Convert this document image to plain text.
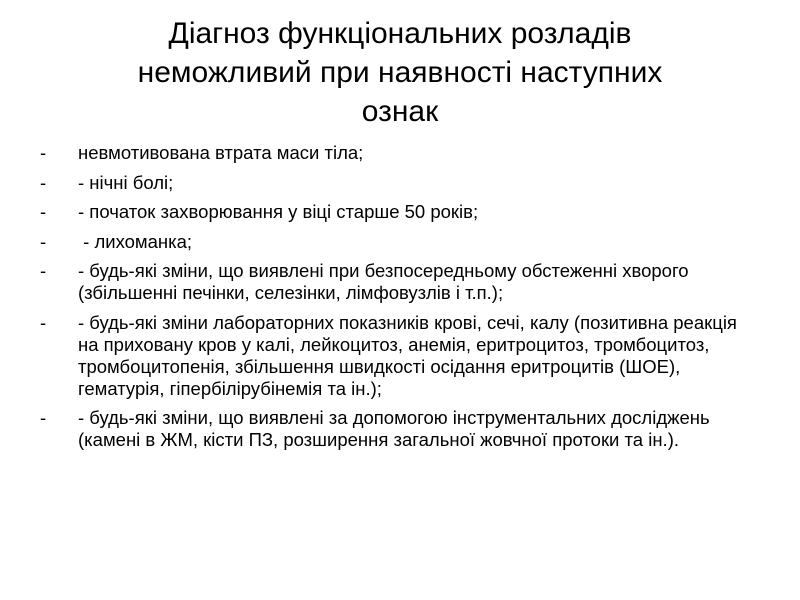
Діагноз функціональних розладів
неможливий при наявності наступних
ознак
-	невмотивована втрата маси тіла;
-	- нічні болі;
-	- початок захворювання у віці старше 50 років;
-	- лихоманка;
-	- будь-які зміни, що виявлені при безпосередньому обстеженні хворого (збільшенні печінки, селезінки, лімфовузлів і т.п.);
-	- будь-які зміни лабораторних показників крові, сечі, калу (позитивна реакція на приховану кров у калі, лейкоцитоз, анемія, еритроцитоз, тромбоцитоз, тромбоцитопенія, збільшення швидкості осідання еритроцитів (ШОЕ), гематурія, гіпербілірубінемія та ін.);
-	- будь-які зміни, що виявлені за допомогою інструментальних досліджень (камені в ЖМ, кісти ПЗ, розширення загальної жовчної протоки та ін.).
